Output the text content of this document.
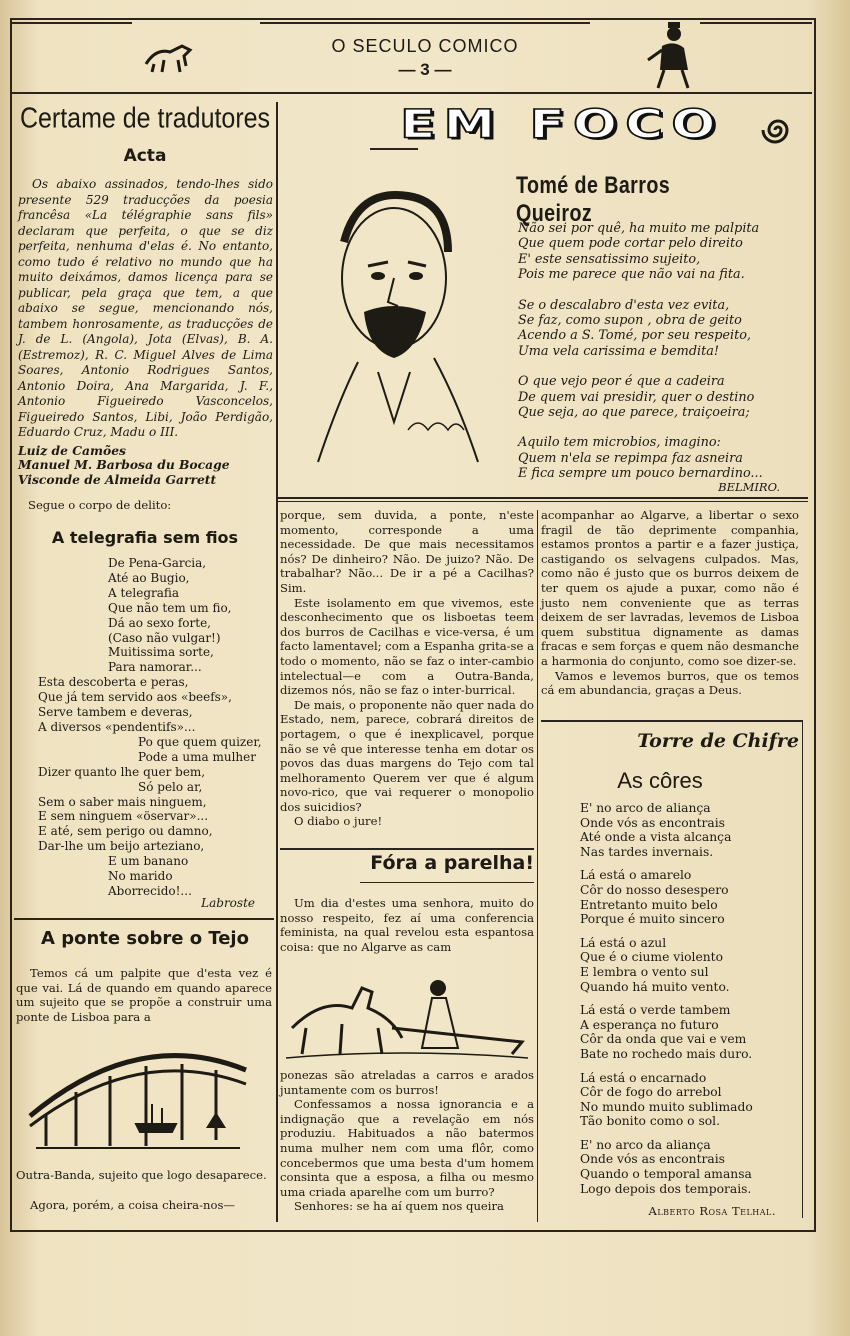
O SECULO COMICO
— 3 —
Certame de tradutores
Acta

Os abaixo assinados, tendo-lhes sido presente 529 traducções da poesia francêsa «La télégraphie sans fils» declaram que perfeita, o que se diz perfeita, nenhuma d'elas é. No entanto, como tudo é relativo no mundo que ha muito deixámos, damos licença para se publicar, pela graça que tem, a que abaixo se segue, mencionando nós, tambem honrosamente, as traducções de J. de L. (Angola), Jota (Elvas), B. A. (Estremoz), R. C. Miguel Alves de Lima Soares, Antonio Rodrigues Santos, Antonio Doira, Ana Margarida, J. F., Antonio Figueiredo Vasconcelos, Figueiredo Santos, Libi, João Perdigão, Eduardo Cruz, Madu o III.

Luiz de Camões
Manuel M. Barbosa du Bocage
Visconde de Almeida Garrett
Segue o corpo de delito:
A telegrafia sem fios
De Pena-Garcia,
Até ao Bugio,
A telegrafia
Que não tem um fio,
Dá ao sexo forte,
(Caso não vulgar!)
Muitissima sorte,
Para namorar...
Esta descoberta e peras,
Que já tem servido aos «beefs»,
Serve tambem e deveras,
A diversos «pendentifs»...
Po que quem quizer,
Pode a uma mulher
Dizer quanto lhe quer bem,
Só pelo ar,
Sem o saber mais ninguem,
E sem ninguem «öservar»...
E até, sem perigo ou damno,
Dar-lhe um beijo arteziano,
E um banano
No marido
Aborrecido!...
Labroste
A ponte sobre o Tejo

Temos cá um palpite que d'esta vez é que vai. Lá de quando em quando aparece um sujeito que se propõe a construir uma ponte de Lisboa para a

Outra-Banda, sujeito que logo desaparece.

Agora, porém, a coisa cheira-nos—

EM FOCO
Tomé de Barros Queiroz
Não sei por quê, ha muito me palpita
Que quem pode cortar pelo direito
E' este sensatissimo sujeito,
Pois me parece que não vai na fita.
Se o descalabro d'esta vez evita,
Se faz, como supon , obra de geito
Acendo a S. Tomé, por seu respeito,
Uma vela carissima e bemdita!
O que vejo peor é que a cadeira
De quem vai presidir, quer o destino
Que seja, ao que parece, traiçoeira;
Aquilo tem microbios, imagino:
Quem n'ela se repimpa faz asneira
E fica sempre um pouco bernardino...
BELMIRO.

porque, sem duvida, a ponte, n'este momento, corresponde a uma necessidade. De que mais necessitamos nós? De dinheiro? Não. De juizo? Não. De trabalhar? Não... De ir a pé a Cacilhas? Sim.

Este isolamento em que vivemos, este desconhecimento que os lisboetas teem dos burros de Cacilhas e vice-versa, é um facto lamentavel; com a Espanha grita-se a todo o momento, não se faz o inter-cambio intelectual—e com a Outra-Banda, dizemos nós, não se faz o inter-burrical.

De mais, o proponente não quer nada do Estado, nem, parece, cobrará direitos de portagem, o que é inexplicavel, porque não se vê que interesse tenha em dotar os povos das duas margens do Tejo com tal melhoramento Querem ver que é algum novo-rico, que vai requerer o monopolio dos suicidios?

O diabo o jure!

Fóra a parelha!

Um dia d'estes uma senhora, muito do nosso respeito, fez aí uma conferencia feminista, na qual revelou esta espantosa coisa: que no Algarve as cam

ponezas são atreladas a carros e arados juntamente com os burros!

Confessamos a nossa ignorancia e a indignação que a revelação em nós produziu. Habituados a não batermos numa mulher nem com uma flôr, como concebermos que uma besta d'um homem consinta que a esposa, a filha ou mesmo uma criada aparelhe com um burro?

Senhores: se ha aí quem nos queira

acompanhar ao Algarve, a libertar o sexo fragil de tão deprimente companhia, estamos prontos a partir e a fazer justiça, castigando os selvagens culpados. Mas, como não é justo que os burros deixem de ter quem os ajude a puxar, como não é justo nem conveniente que as terras deixem de ser lavradas, levemos de Lisboa quem substitua dignamente as damas fracas e sem forças e quem não desmanche a harmonia do conjunto, como soe dizer-se.

Vamos e levemos burros, que os temos cá em abundancia, graças a Deus.

Torre de Chifre
As côres
E' no arco de aliança
Onde vós as encontrais
Até onde a vista alcança
Nas tardes invernais.
Lá está o amarelo
Côr do nosso desespero
Entretanto muito belo
Porque é muito sincero
Lá está o azul
Que é o ciume violento
E lembra o vento sul
Quando há muito vento.
Lá está o verde tambem
A esperança no futuro
Côr da onda que vai e vem
Bate no rochedo mais duro.
Lá está o encarnado
Côr de fogo do arrebol
No mundo muito sublimado
Tão bonito como o sol.
E' no arco da aliança
Onde vós as encontrais
Quando o temporal amansa
Logo depois dos temporais.
Alberto Rosa Telhal.
